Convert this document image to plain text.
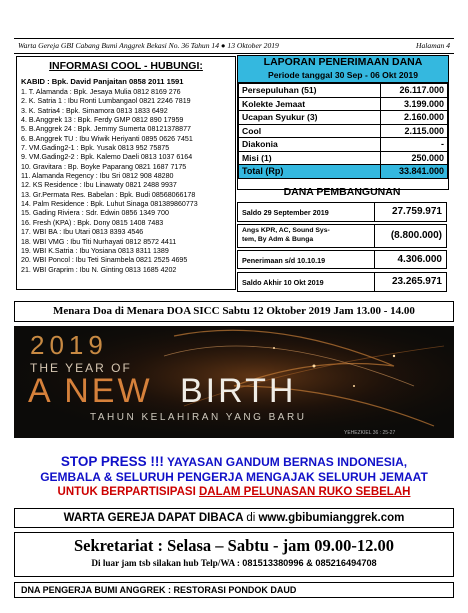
Warta Gereja GBI Cabang Bumi Anggrek Bekasi No. 36 Tahun 14 ● 13 Oktober 2019	Halaman 4
INFORMASI COOL - HUBUNGI:
KABID : Bpk. David Panjaitan 0858 2011 1591
1. T. Alamanda : Bpk. Jesaya Mulia 0812 8169 276
2. K. Satria 1 : Ibu Ronti Lumbangaol 0821 2246 7819
3. K. Satria4 : Bpk. Simamora 0813 1833 6492
4. B.Anggrek 13 : Bpk. Ferdy GMP 0812 890 17959
5. B.Anggrek 24 : Bpk. Jemmy Sumerta 08121378877
6. B.Anggrek TU : Ibu Wiwik Heriyanti 0895 0626 7451
7. VM.Gading2-1 : Bpk. Yusak 0813 952 75875
9. VM.Gading2-2 : Bpk. Kalemo Daeli 0813 1037 6164
10. Gravitara : Bp. Boyke Paparang 0821 1687 7175
11. Alamanda Regency : Ibu Sri 0812 908 48280
12. KS Residence : Ibu Linawaty 0821 2488 9937
13. Gr.Permata Res. Babelan : Bpk. Budi 08568066178
14. Palm Residence : Bpk. Luhut Sinaga 081389860773
15. Gading Riviera : Sdr. Edwin 0856 1349 700
16. Fresh (KPA) : Bpk. Dony 0815 1408 7483
17. WBI BA : Ibu Utari 0813 8393 4546
18. WBI VMG : Ibu Titi Nurhayati 0812 8572 4411
19. WBI K.Satria : Ibu Yosiana 0813 8311 1389
20. WBI Poncol : Ibu Teti Sinambela 0821 2525 4695
21. WBI Graprim : Ibu N. Ginting 0813 1685 4202
LAPORAN PENERIMAAN DANA
Periode tanggal 30 Sep - 06 Okt 2019
Persepuluhan (51)	26.117.000
Kolekte Jemaat	3.199.000
Ucapan Syukur (3)	2.160.000
Cool	2.115.000
Diakonia	-
Misi (1)	250.000
Total (Rp)	33.841.000
DANA PEMBANGUNAN
Saldo 29 September 2019	27.759.971
Angs KPR, AC, Sound Sys-
tem, By Adm & Bunga	(8.800.000)
Penerimaan s/d 10.10.19	4.306.000
Saldo Akhir 10 Okt 2019	23.265.971
Menara Doa di Menara DOA SICC Sabtu 12 Oktober 2019 Jam 13.00 - 14.00
2019
THE YEAR OF
A NEW BIRTH
TAHUN KELAHIRAN YANG BARU
YEHEZKIEL 36 : 25-27
STOP PRESS !!! YAYASAN GANDUM BERNAS INDONESIA,
GEMBALA & SELURUH PENGERJA MENGAJAK SELURUH JEMAAT
UNTUK BERPARTISIPASI DALAM PELUNASAN RUKO SEBELAH
WARTA GEREJA DAPAT DIBACA di www.gbibumianggrek.com
Sekretariat : Selasa – Sabtu - jam 09.00-12.00
Di luar jam tsb silakan hub Telp/WA : 081513380996 & 085216494708
DNA PENGERJA BUMI ANGGREK : RESTORASI PONDOK DAUD
